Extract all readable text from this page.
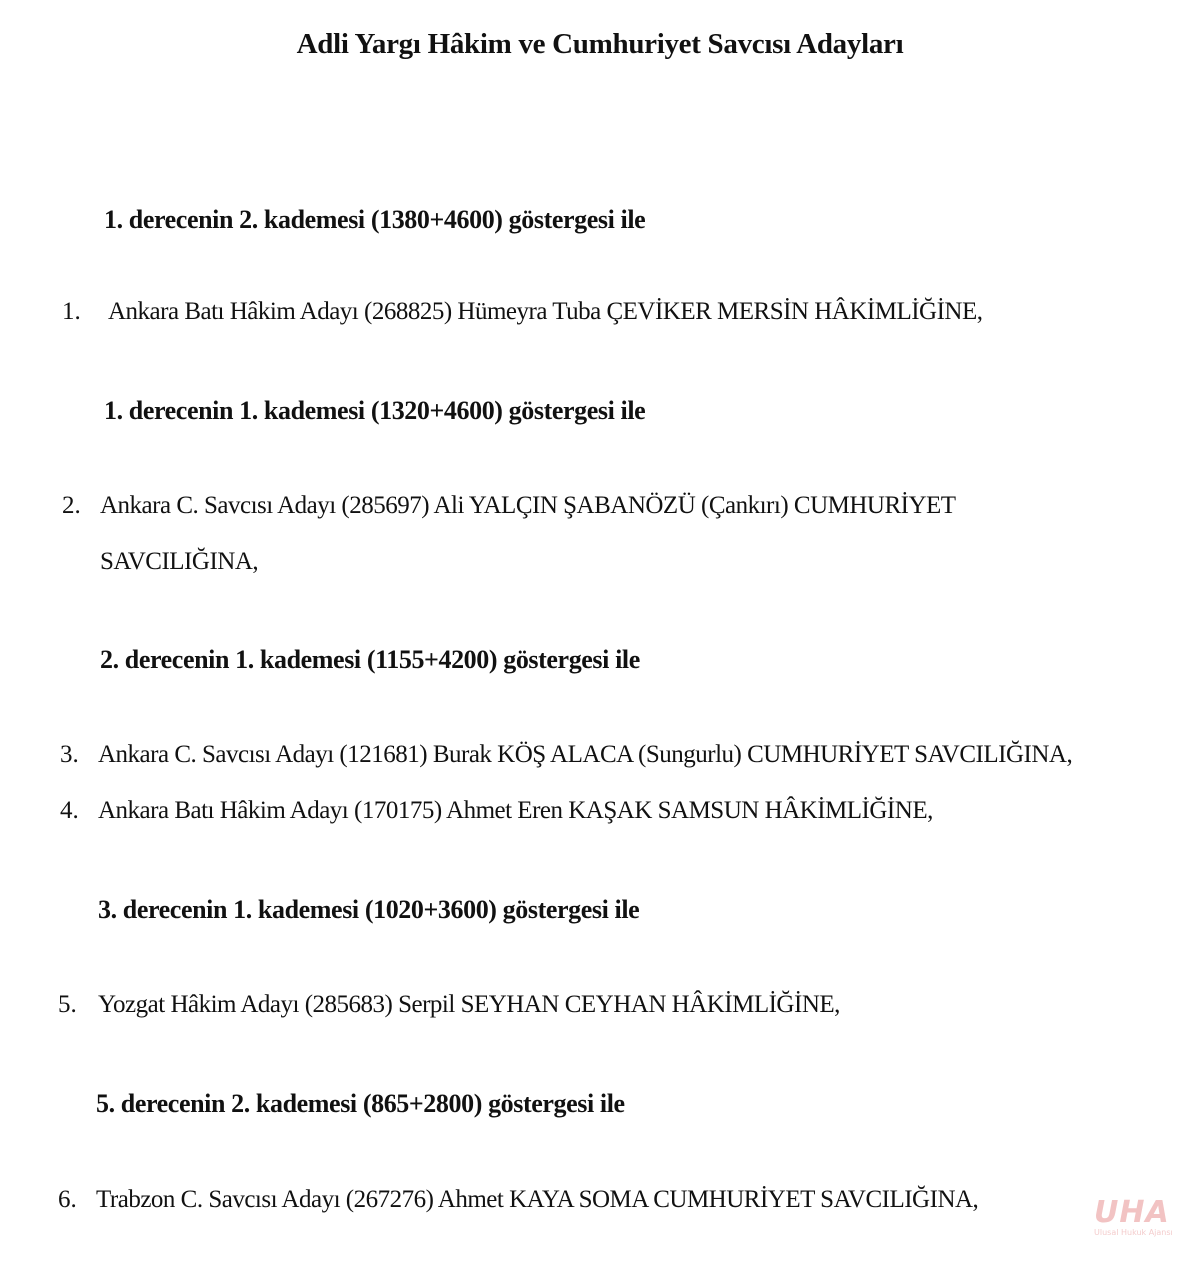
Adli Yargı Hâkim ve Cumhuriyet Savcısı Adayları
1. derecenin 2. kademesi (1380+4600) göstergesi ile
1. Ankara Batı Hâkim Adayı (268825) Hümeyra Tuba ÇEVİKER MERSİN HÂKİMLİĞİNE,
1. derecenin 1. kademesi (1320+4600) göstergesi ile
2. Ankara C. Savcısı Adayı (285697) Ali YALÇIN ŞABANÖZÜ (Çankırı) CUMHURİYET
SAVCILIĞINA,
2. derecenin 1. kademesi (1155+4200) göstergesi ile
3. Ankara C. Savcısı Adayı (121681) Burak KÖŞ ALACA (Sungurlu) CUMHURİYET SAVCILIĞINA,
4. Ankara Batı Hâkim Adayı (170175) Ahmet Eren KAŞAK SAMSUN HÂKİMLİĞİNE,
3. derecenin 1. kademesi (1020+3600) göstergesi ile
5. Yozgat Hâkim Adayı (285683) Serpil SEYHAN CEYHAN HÂKİMLİĞİNE,
5. derecenin 2. kademesi (865+2800) göstergesi ile
6. Trabzon C. Savcısı Adayı (267276) Ahmet KAYA SOMA CUMHURİYET SAVCILIĞINA,	UHA
Ulusal Hukuk Ajansı
